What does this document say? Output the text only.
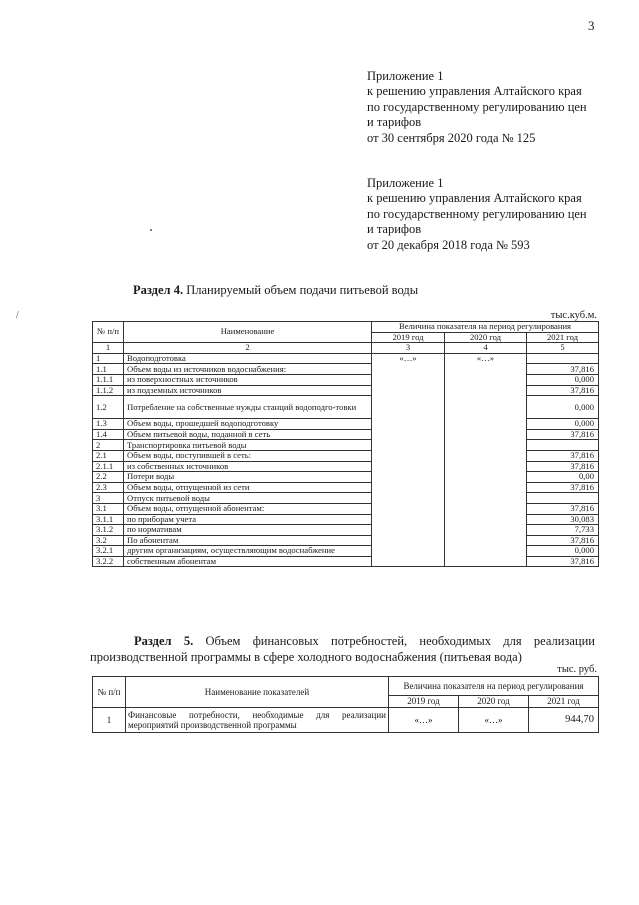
3
Приложение 1
к решению управления Алтайского края
по государственному регулированию цен
и тарифов
от 30 сентября 2020 года № 125
Приложение 1
к решению управления Алтайского края
по государственному регулированию цен
и тарифов
от 20 декабря 2018 года № 593
/
Раздел 4. Планируемый объем подачи питьевой воды
тыс.куб.м.
№ п/п	Наименование	Величина показателя на период регулирования		
		2019 год	2020 год	2021 год
1	2	3	4	5
1	Водоподготовка	«…»	«…»	
1.1	Объем воды из источников водоснабжения:			37,816
1.1.1	из поверхностных источников			0,000
1.1.2	из подземных источников			37,816
1.2	Потребление на собственные нужды станций водоподго-товки			0,000
1.3	Объем воды, прошедшей водоподготовку			0,000
1.4	Объем питьевой воды, поданной в сеть			37,816
2	Транспортировка питьевой воды			
2.1	Объем воды, поступившей в сеть:			37,816
2.1.1	из собственных источников			37,816
2.2	Потери воды			0,00
2.3	Объем воды, отпущенной из сети			37,816
3	Отпуск питьевой воды			
3.1	Объем воды, отпущенной абонентам:			37,816
3.1.1	по приборам учета			30,083
3.1.2	по нормативам			7,733
3.2	По абонентам			37,816
3.2.1	другим организациям, осуществляющим водоснабжение			0,000
3.2.2	собственным абонентам			37,816
Раздел 5. Объем финансовых потребностей, необходимых для реализации производственной программы в сфере холодного водоснабжения (питьевая вода)
тыс. руб.
№ п/п	Наименование показателей	Величина показателя на период регулирования		
		2019 год	2020 год	2021 год
1	Финансовые потребности, необходимые для реализации мероприятий производственной программы	«…»	«…»	944,70
